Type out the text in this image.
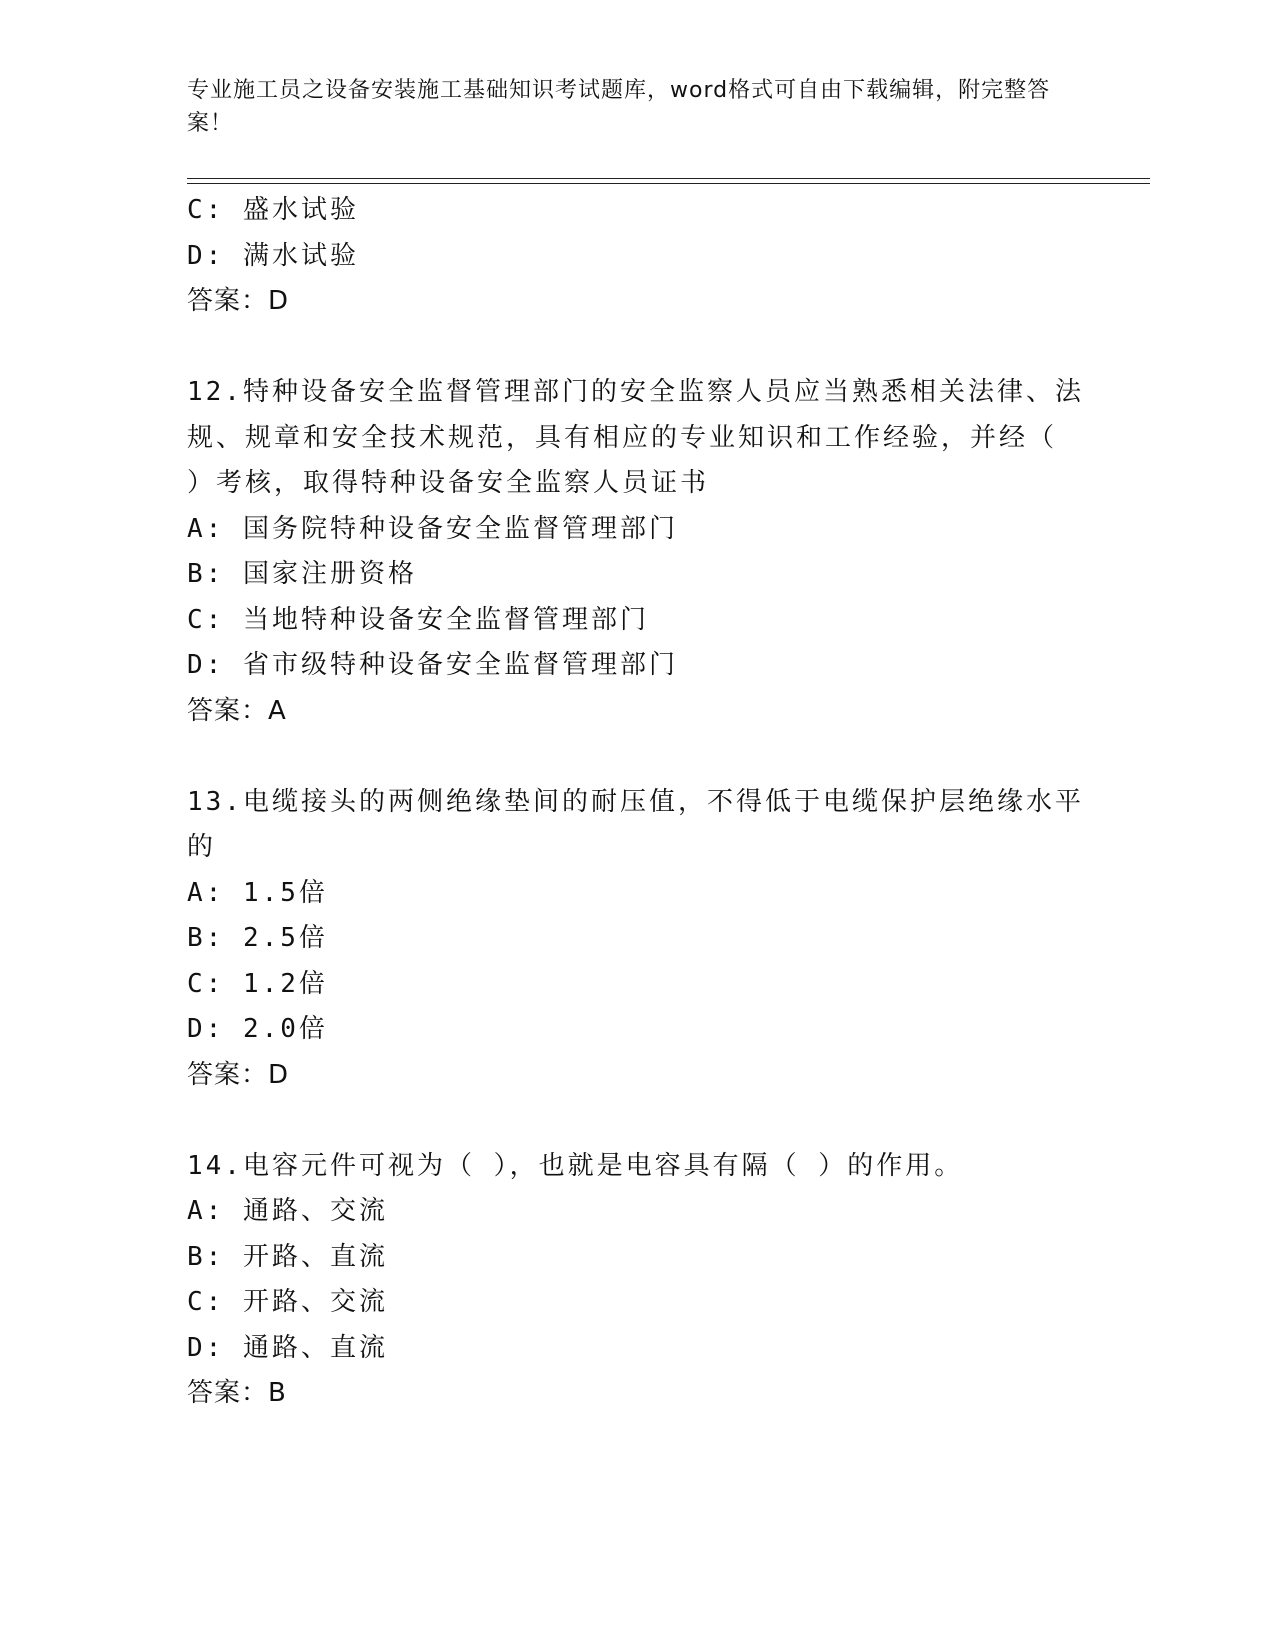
专业施工员之设备安装施工基础知识考试题库，word格式可自由下载编辑，附完整答案！
C: 盛水试验
D: 满水试验
答案：D
12.特种设备安全监督管理部门的安全监察人员应当熟悉相关法律、法规、规章和安全技术规范，具有相应的专业知识和工作经验，并经（ ）考核，取得特种设备安全监察人员证书
A: 国务院特种设备安全监督管理部门
B: 国家注册资格
C: 当地特种设备安全监督管理部门
D: 省市级特种设备安全监督管理部门
答案：A
13.电缆接头的两侧绝缘垫间的耐压值，不得低于电缆保护层绝缘水平的
A: 1.5倍
B: 2.5倍
C: 1.2倍
D: 2.0倍
答案：D
14.电容元件可视为（ ），也就是电容具有隔（ ）的作用。
A: 通路、交流
B: 开路、直流
C: 开路、交流
D: 通路、直流
答案：B
